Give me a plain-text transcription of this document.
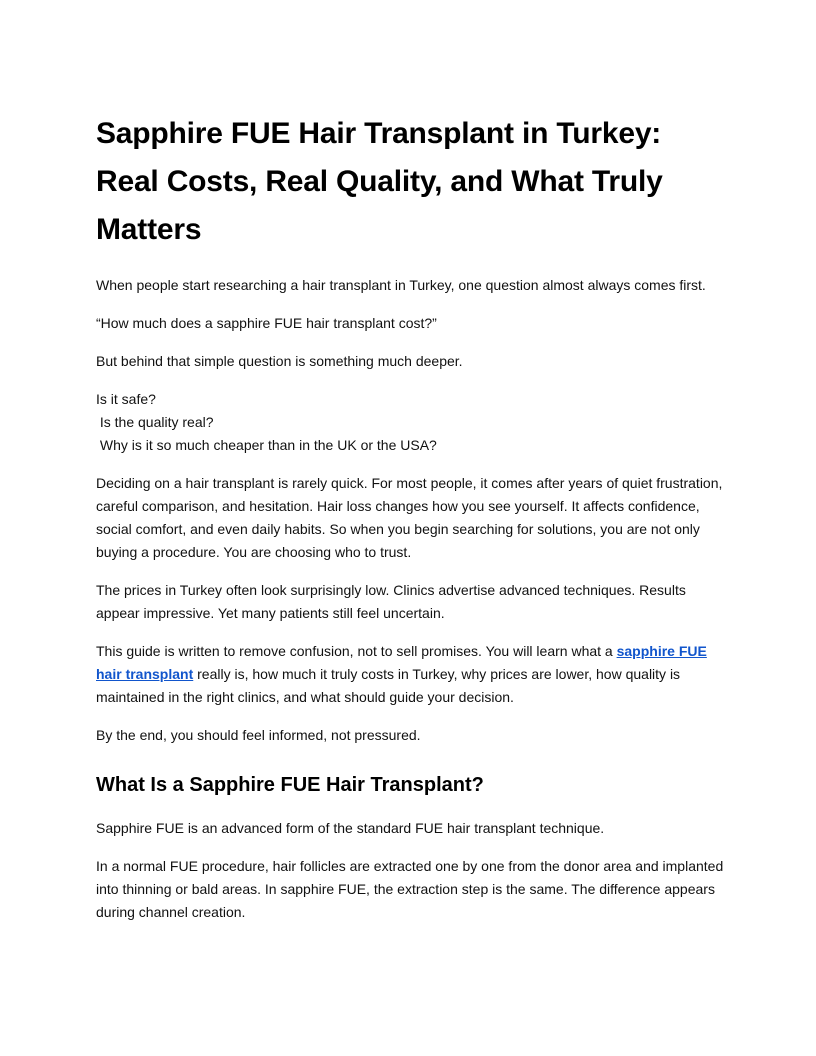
Sapphire FUE Hair Transplant in Turkey: Real Costs, Real Quality, and What Truly Matters

When people start researching a hair transplant in Turkey, one question almost always comes first.

“How much does a sapphire FUE hair transplant cost?”

But behind that simple question is something much deeper.

Is it safe?
Is the quality real?
Why is it so much cheaper than in the UK or the USA?

Deciding on a hair transplant is rarely quick. For most people, it comes after years of quiet frustration, careful comparison, and hesitation. Hair loss changes how you see yourself. It affects confidence, social comfort, and even daily habits. So when you begin searching for solutions, you are not only buying a procedure. You are choosing who to trust.

The prices in Turkey often look surprisingly low. Clinics advertise advanced techniques. Results appear impressive. Yet many patients still feel uncertain.

This guide is written to remove confusion, not to sell promises. You will learn what a sapphire FUE hair transplant really is, how much it truly costs in Turkey, why prices are lower, how quality is maintained in the right clinics, and what should guide your decision.

By the end, you should feel informed, not pressured.

What Is a Sapphire FUE Hair Transplant?

Sapphire FUE is an advanced form of the standard FUE hair transplant technique.

In a normal FUE procedure, hair follicles are extracted one by one from the donor area and implanted into thinning or bald areas. In sapphire FUE, the extraction step is the same. The difference appears during channel creation.
